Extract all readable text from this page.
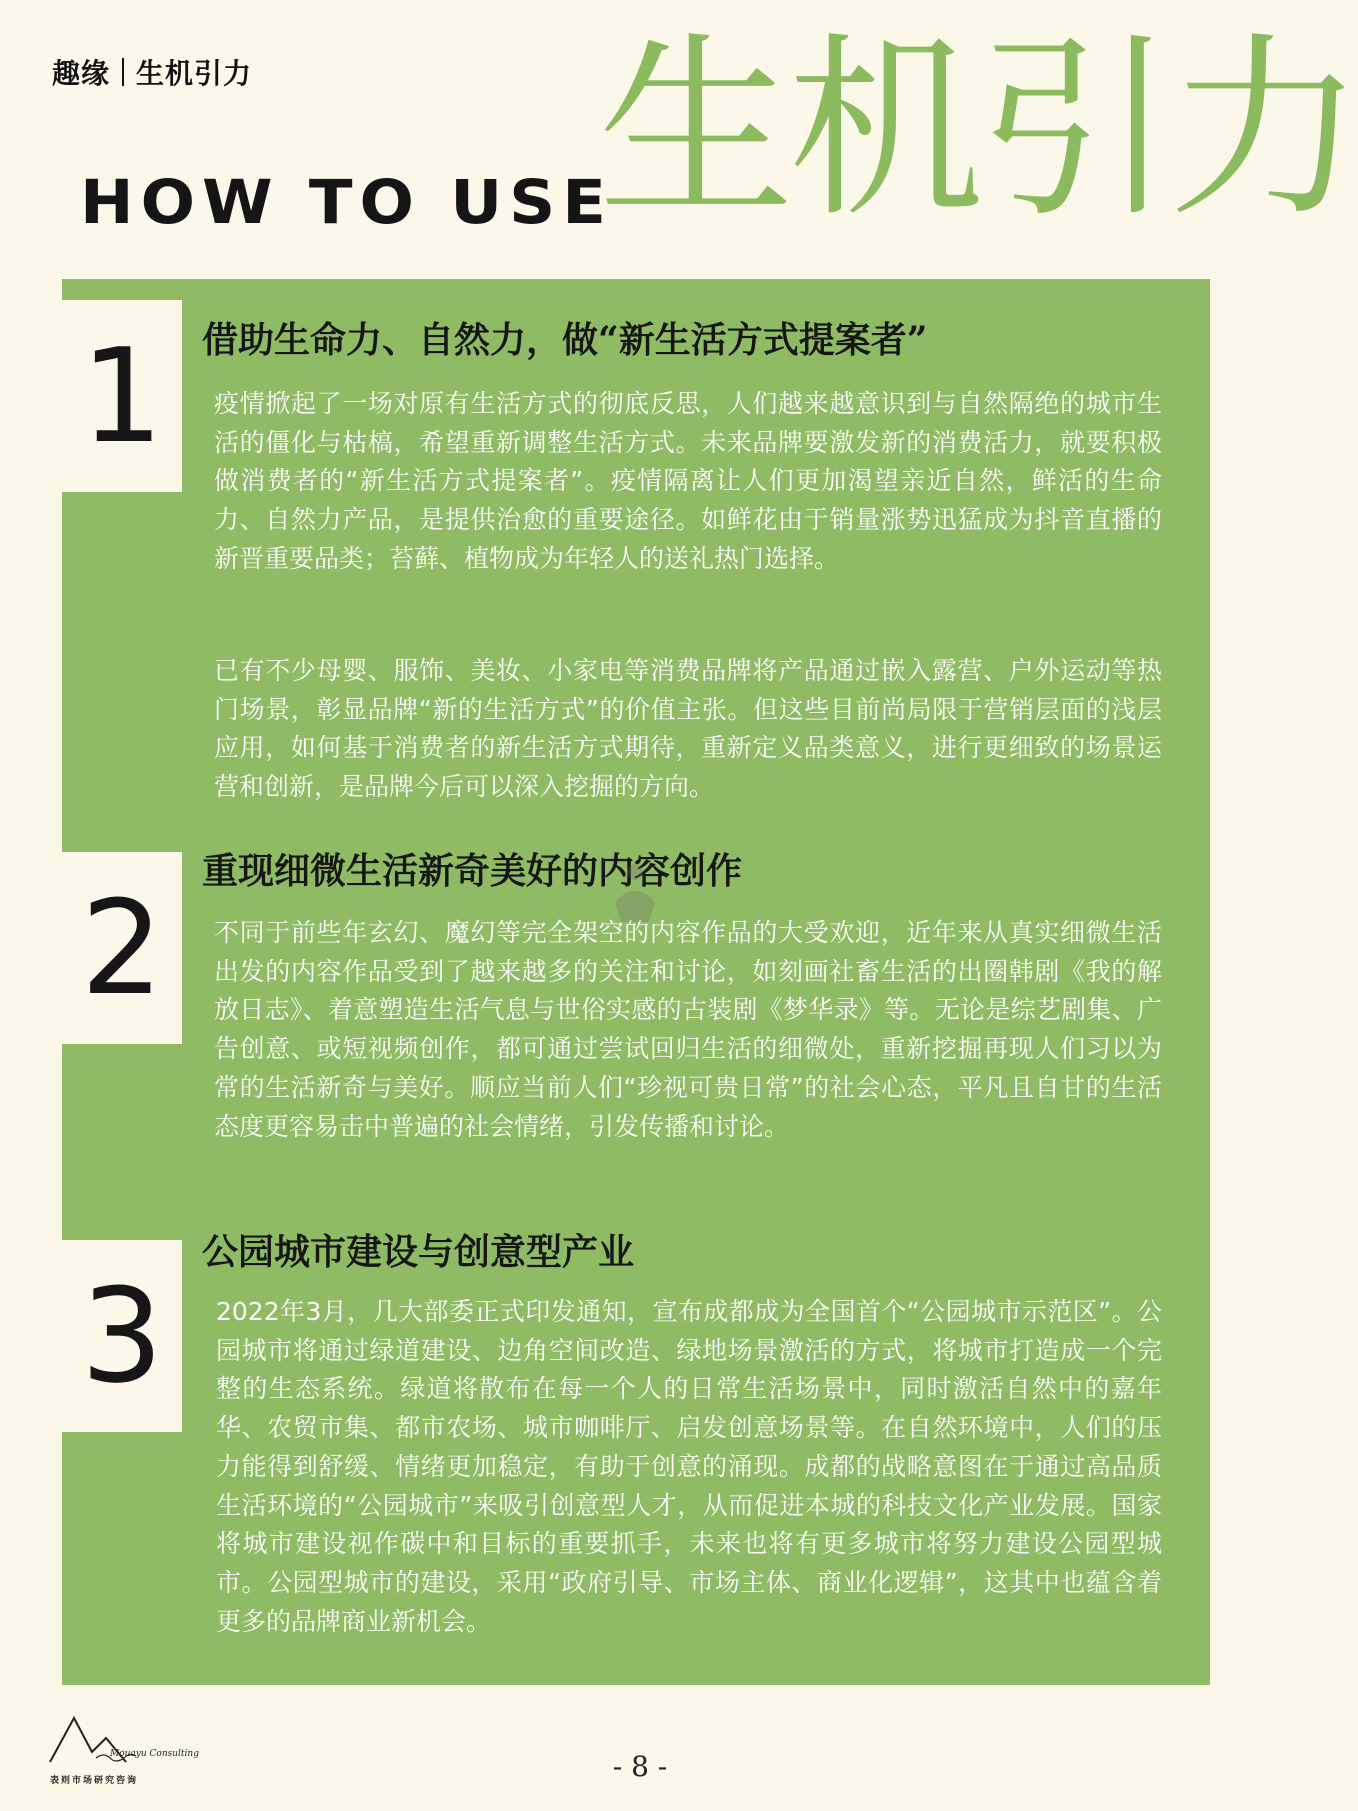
趣缘 生机引力
HOW TO USE
生机引力
1
2
3
借助生命力、自然力，做“新生活方式提案者”

疫情掀起了一场对原有生活方式的彻底反思，人们越来越意识到与自然隔绝的城市生活的僵化与枯槁，希望重新调整生活方式。未来品牌要激发新的消费活力，就要积极做消费者的“新生活方式提案者”。疫情隔离让人们更加渴望亲近自然，鲜活的生命力、自然力产品，是提供治愈的重要途径。如鲜花由于销量涨势迅猛成为抖音直播的新晋重要品类；苔藓、植物成为年轻人的送礼热门选择。

已有不少母婴、服饰、美妆、小家电等消费品牌将产品通过嵌入露营、户外运动等热门场景，彰显品牌“新的生活方式”的价值主张。但这些目前尚局限于营销层面的浅层应用，如何基于消费者的新生活方式期待，重新定义品类意义，进行更细致的场景运营和创新，是品牌今后可以深入挖掘的方向。

重现细微生活新奇美好的内容创作

不同于前些年玄幻、魔幻等完全架空的内容作品的大受欢迎，近年来从真实细微生活出发的内容作品受到了越来越多的关注和讨论，如刻画社畜生活的出圈韩剧《我的解放日志》、着意塑造生活气息与世俗实感的古装剧《梦华录》等。无论是综艺剧集、广告创意、或短视频创作，都可通过尝试回归生活的细微处，重新挖掘再现人们习以为常的生活新奇与美好。顺应当前人们“珍视可贵日常”的社会心态，平凡且自甘的生活态度更容易击中普遍的社会情绪，引发传播和讨论。

公园城市建设与创意型产业

2022年3月，几大部委正式印发通知，宣布成都成为全国首个“公园城市示范区”。公园城市将通过绿道建设、边角空间改造、绿地场景激活的方式，将城市打造成一个完整的生态系统。绿道将散布在每一个人的日常生活场景中，同时激活自然中的嘉年华、农贸市集、都市农场、城市咖啡厅、启发创意场景等。在自然环境中，人们的压力能得到舒缓、情绪更加稳定，有助于创意的涌现。成都的战略意图在于通过高品质生活环境的“公园城市”来吸引创意型人才，从而促进本城的科技文化产业发展。国家将城市建设视作碳中和目标的重要抓手，未来也将有更多城市将努力建设公园型城市。公园型城市的建设，采用“政府引导、市场主体、商业化逻辑”，这其中也蕴含着更多的品牌商业新机会。

Mouayu Consulting
表则市场研究咨询	- 8 -
